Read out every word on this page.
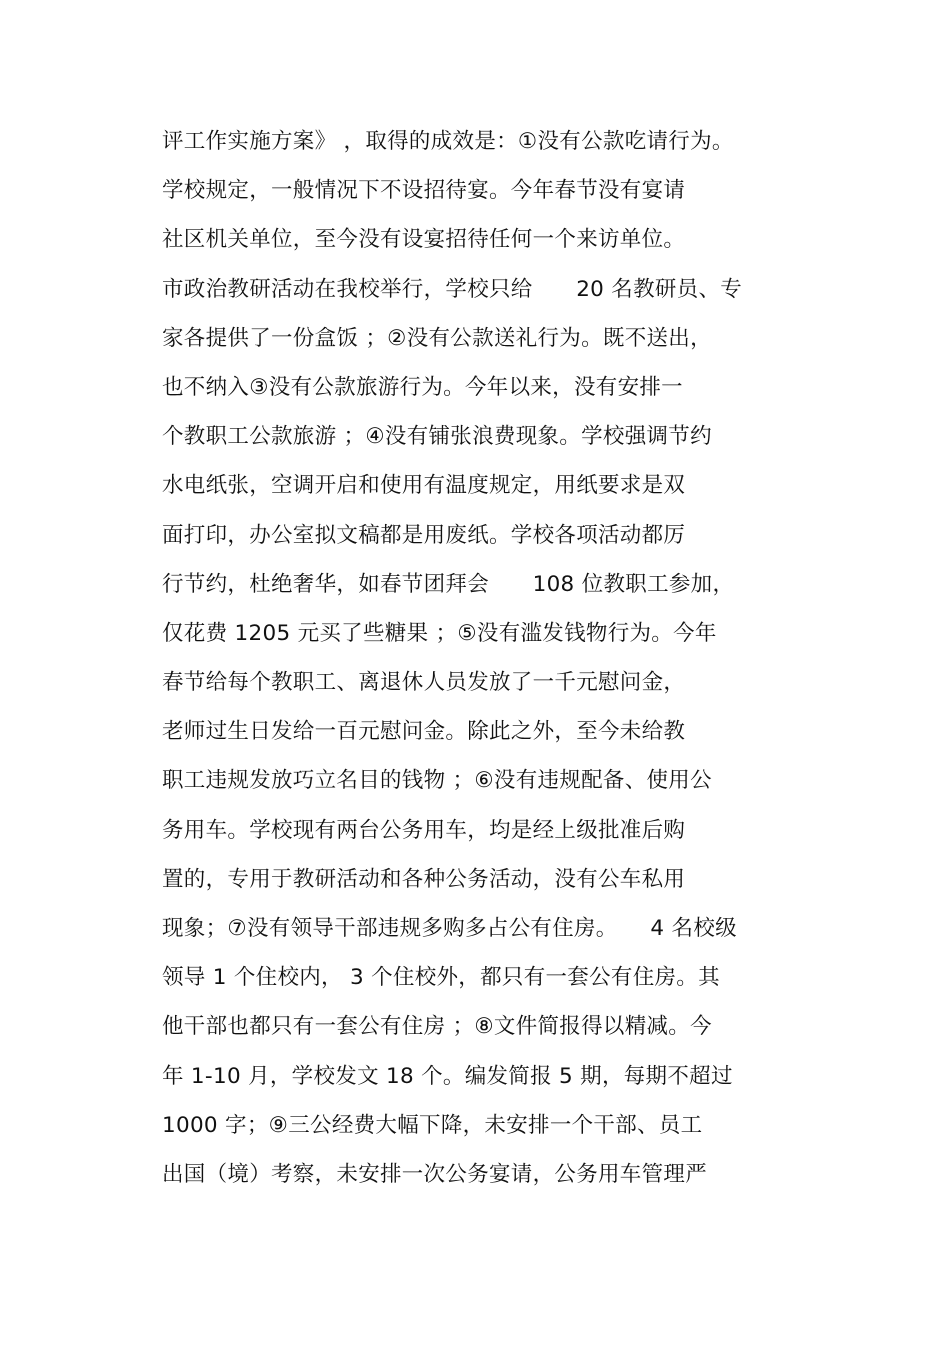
评工作实施方案》 ，取得的成效是：①没有公款吃请行为。
学校规定，一般情况下不设招待宴。今年春节没有宴请
社区机关单位，至今没有设宴招待任何一个来访单位。
市政治教研活动在我校举行，学校只给　　20 名教研员、专
家各提供了一份盒饭 ；②没有公款送礼行为。既不送出，
也不纳入③没有公款旅游行为。今年以来，没有安排一
个教职工公款旅游 ；④没有铺张浪费现象。学校强调节约
水电纸张，空调开启和使用有温度规定，用纸要求是双
面打印，办公室拟文稿都是用废纸。学校各项活动都厉
行节约，杜绝奢华，如春节团拜会　　108 位教职工参加，
仅花费 1205 元买了些糖果 ；⑤没有滥发钱物行为。今年
春节给每个教职工、离退休人员发放了一千元慰问金，
老师过生日发给一百元慰问金。除此之外，至今未给教
职工违规发放巧立名目的钱物 ；⑥没有违规配备、使用公
务用车。学校现有两台公务用车，均是经上级批准后购
置的，专用于教研活动和各种公务活动，没有公车私用
现象；⑦没有领导干部违规多购多占公有住房。　　4 名校级
领导 1 个住校内， 3 个住校外，都只有一套公有住房。其
他干部也都只有一套公有住房 ；⑧文件简报得以精减。今
年 1-10 月，学校发文 18 个。编发简报 5 期，每期不超过
1000 字；⑨三公经费大幅下降，未安排一个干部、员工
出国（境）考察，未安排一次公务宴请，公务用车管理严
